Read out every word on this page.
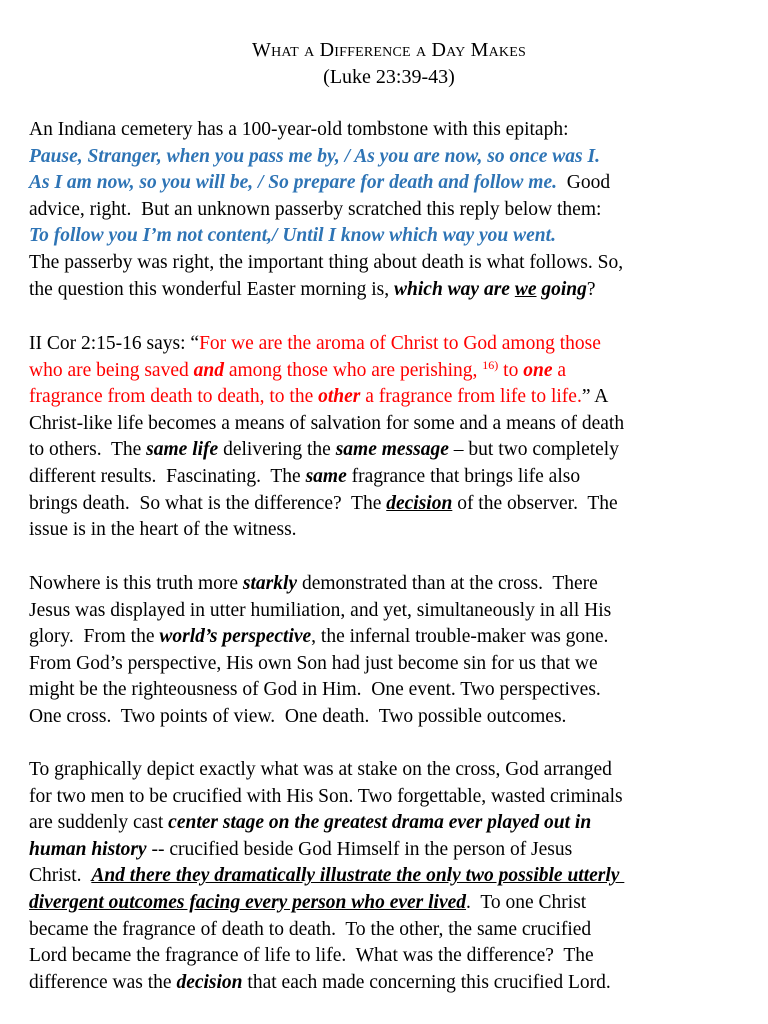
What a Difference a Day Makes
(Luke 23:39-43)
An Indiana cemetery has a 100-year-old tombstone with this epitaph:
Pause, Stranger, when you pass me by, / As you are now, so once was I.
As I am now, so you will be, / So prepare for death and follow me.  Good
advice, right.  But an unknown passerby scratched this reply below them:
To follow you I’m not content,/ Until I know which way you went.
The passerby was right, the important thing about death is what follows. So,
the question this wonderful Easter morning is, which way are we going?
II Cor 2:15-16 says: “For we are the aroma of Christ to God among those
who are being saved and among those who are perishing, $^{16)}$ to one a
fragrance from death to death, to the other a fragrance from life to life.” A
Christ-like life becomes a means of salvation for some and a means of death
to others.  The same life delivering the same message – but two completely
different results.  Fascinating.  The same fragrance that brings life also
brings death.  So what is the difference?  The decision of the observer.  The
issue is in the heart of the witness.
Nowhere is this truth more starkly demonstrated than at the cross.  There
Jesus was displayed in utter humiliation, and yet, simultaneously in all His
glory.  From the world’s perspective, the infernal trouble-maker was gone.
From God’s perspective, His own Son had just become sin for us that we
might be the righteousness of God in Him.  One event. Two perspectives.
One cross.  Two points of view.  One death.  Two possible outcomes.
To graphically depict exactly what was at stake on the cross, God arranged
for two men to be crucified with His Son. Two forgettable, wasted criminals
are suddenly cast center stage on the greatest drama ever played out in
human history -- crucified beside God Himself in the person of Jesus
Christ.  And there they dramatically illustrate the only two possible utterly
divergent outcomes facing every person who ever lived.  To one Christ
became the fragrance of death to death.  To the other, the same crucified
Lord became the fragrance of life to life.  What was the difference?  The
difference was the decision that each made concerning this crucified Lord.
